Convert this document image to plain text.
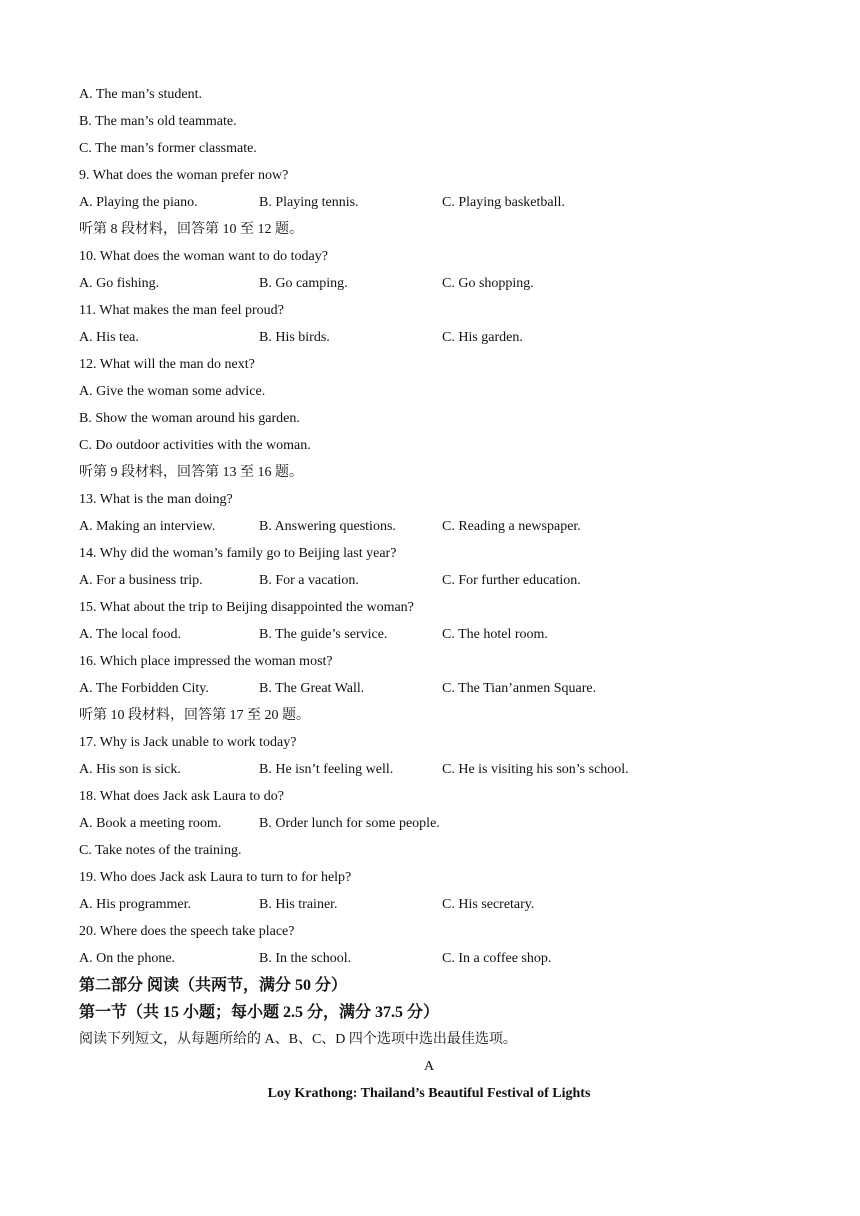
A. The man’s student.
B. The man’s old teammate.
C. The man’s former classmate.
9. What does the woman prefer now?
A. Playing the piano.	B. Playing tennis.	C. Playing basketball.
听第 8 段材料，回答第 10 至 12 题。
10. What does the woman want to do today?
A. Go fishing.	B. Go camping.	C. Go shopping.
11. What makes the man feel proud?
A. His tea.	B. His birds.	C. His garden.
12. What will the man do next?
A. Give the woman some advice.
B. Show the woman around his garden.
C. Do outdoor activities with the woman.
听第 9 段材料，回答第 13 至 16 题。
13. What is the man doing?
A. Making an interview.	B. Answering questions.	C. Reading a newspaper.
14. Why did the woman’s family go to Beijing last year?
A. For a business trip.	B. For a vacation.	C. For further education.
15. What about the trip to Beijing disappointed the woman?
A. The local food.	B. The guide’s service.	C. The hotel room.
16. Which place impressed the woman most?
A. The Forbidden City.	B. The Great Wall.	C. The Tian’anmen Square.
听第 10 段材料，回答第 17 至 20 题。
17. Why is Jack unable to work today?
A. His son is sick.	B. He isn’t feeling well.	C. He is visiting his son’s school.
18. What does Jack ask Laura to do?
A. Book a meeting room.	B. Order lunch for some people.
C. Take notes of the training.
19. Who does Jack ask Laura to turn to for help?
A. His programmer.	B. His trainer.	C. His secretary.
20. Where does the speech take place?
A. On the phone.	B. In the school.	C. In a coffee shop.
第二部分 阅读（共两节，满分 50 分）
第一节（共 15 小题；每小题 2.5 分，满分 37.5 分）
阅读下列短文，从每题所给的 A、B、C、D 四个选项中选出最佳选项。
A
Loy Krathong: Thailand’s Beautiful Festival of Lights
